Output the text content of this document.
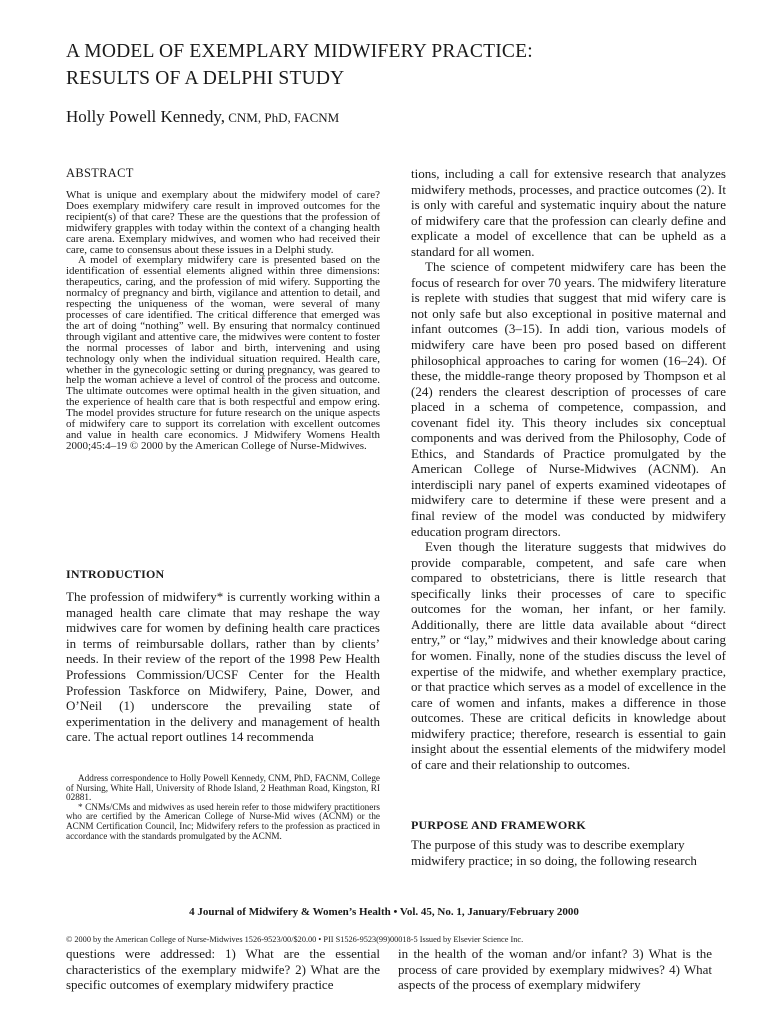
A MODEL OF EXEMPLARY MIDWIFERY PRACTICE:
RESULTS OF A DELPHI STUDY
Holly Powell Kennedy, CNM, PhD, FACNM
ABSTRACT

What is unique and exemplary about the midwifery model of care? Does exemplary midwifery care result in improved outcomes for the recipient(s) of that care? These are the questions that the profession of midwifery grapples with today within the context of a changing health care arena. Exemplary midwives, and women who had received their care, came to consensus about these issues in a Delphi study.

A model of exemplary midwifery care is presented based on the identification of essential elements aligned within three dimensions: therapeutics, caring, and the profession of mid wifery. Supporting the normalcy of pregnancy and birth, vigilance and attention to detail, and respecting the uniqueness of the woman, were several of many processes of care identified. The critical difference that emerged was the art of doing “nothing” well. By ensuring that normalcy continued through vigilant and attentive care, the midwives were content to foster the normal processes of labor and birth, intervening and using technology only when the individual situation required. Health care, whether in the gynecologic setting or during pregnancy, was geared to help the woman achieve a level of control of the process and outcome. The ultimate outcomes were optimal health in the given situation, and the experience of health care that is both respectful and empow ering. The model provides structure for future research on the unique aspects of midwifery care to support its correlation with excellent outcomes and value in health care economics. J Midwifery Womens Health 2000;45:4–19 © 2000 by the American College of Nurse-Midwives.

INTRODUCTION

The profession of midwifery* is currently working within a managed health care climate that may reshape the way midwives care for women by defining health care practices in terms of reimbursable dollars, rather than by clients’ needs. In their review of the report of the 1998 Pew Health Professions Commission/UCSF Center for the Health Profession Taskforce on Midwifery, Paine, Dower, and O’Neil (1) underscore the prevailing state of experimentation in the delivery and management of health care. The actual report outlines 14 recommenda

Address correspondence to Holly Powell Kennedy, CNM, PhD, FACNM, College of Nursing, White Hall, University of Rhode Island, 2 Heathman Road, Kingston, RI 02881.

* CNMs/CMs and midwives as used herein refer to those midwifery practitioners who are certified by the American College of Nurse-Mid wives (ACNM) or the ACNM Certification Council, Inc; Midwifery refers to the profession as practiced in accordance with the standards promulgated by the ACNM.

tions, including a call for extensive research that analyzes midwifery methods, processes, and practice outcomes (2). It is only with careful and systematic inquiry about the nature of midwifery care that the profession can clearly define and explicate a model of excellence that can be upheld as a standard for all women.

The science of competent midwifery care has been the focus of research for over 70 years. The midwifery literature is replete with studies that suggest that mid wifery care is not only safe but also exceptional in positive maternal and infant outcomes (3–15). In addi tion, various models of midwifery care have been pro posed based on different philosophical approaches to caring for women (16–24). Of these, the middle-range theory proposed by Thompson et al (24) renders the clearest description of processes of care placed in a schema of competence, compassion, and covenant fidel ity. This theory includes six conceptual components and was derived from the Philosophy, Code of Ethics, and Standards of Practice promulgated by the American College of Nurse-Midwives (ACNM). An interdiscipli nary panel of experts examined videotapes of midwifery care to determine if these were present and a final review of the model was conducted by midwifery education program directors.

Even though the literature suggests that midwives do provide comparable, competent, and safe care when compared to obstetricians, there is little research that specifically links their processes of care to specific outcomes for the woman, her infant, or her family. Additionally, there are little data available about “direct entry,” or “lay,” midwives and their knowledge about caring for women. Finally, none of the studies discuss the level of expertise of the midwife, and whether exemplary practice, or that practice which serves as a model of excellence in the care of women and infants, makes a difference in those outcomes. These are critical deficits in knowledge about midwifery practice; therefore, research is essential to gain insight about the essential elements of the midwifery model of care and their relationship to outcomes.

PURPOSE AND FRAMEWORK

The purpose of this study was to describe exemplary midwifery practice; in so doing, the following research

4 Journal of Midwifery & Women’s Health • Vol. 45, No. 1, January/February 2000
© 2000 by the American College of Nurse-Midwives 1526-9523/00/$20.00 • PII S1526-9523(99)00018-5 Issued by Elsevier Science Inc.

questions were addressed: 1) What are the essential characteristics of the exemplary midwife? 2) What are the specific outcomes of exemplary midwifery practice

in the health of the woman and/or infant? 3) What is the process of care provided by exemplary midwives? 4) What aspects of the process of exemplary midwifery
